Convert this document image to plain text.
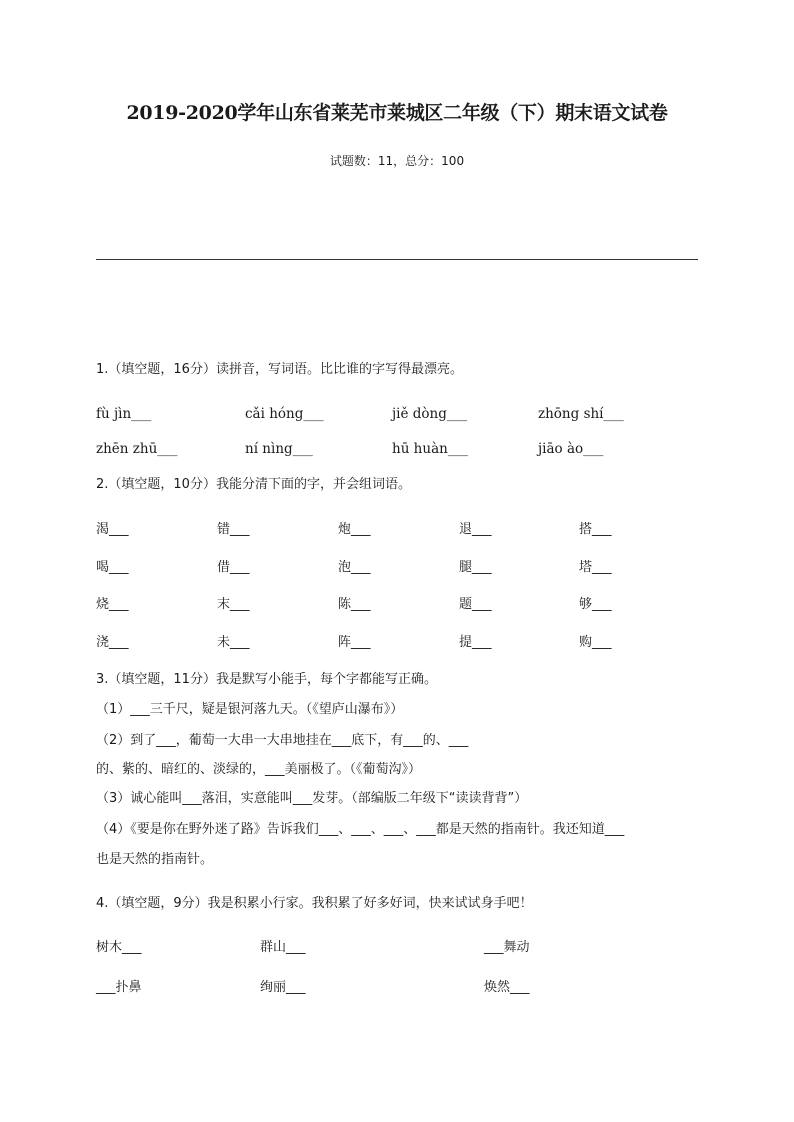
2019-2020学年山东省莱芜市莱城区二年级（下）期末语文试卷
试题数：11，总分：100
1.（填空题，16分）读拼音，写词语。比比谁的字写得最漂亮。
fù jìn___	cǎi hóng___	jiě dòng___	zhōng shí___
zhēn zhū___	ní nìng___	hū huàn___	jiāo ào___
2.（填空题，10分）我能分清下面的字，并会组词语。
渴___	错___	炮___	退___	搭___
喝___	借___	泡___	腿___	塔___
烧___	末___	陈___	题___	够___
浇___	未___	阵___	提___	购___
3.（填空题，11分）我是默写小能手，每个字都能写正确。
（1）___三千尺，疑是银河落九天。（《望庐山瀑布》）
（2）到了___，葡萄一大串一大串地挂在___底下，有___的、___
的、紫的、暗红的、淡绿的，___美丽极了。（《葡萄沟》）
（3）诚心能叫___落泪，实意能叫___发芽。（部编版二年级下“读读背背”）
（4）《要是你在野外迷了路》告诉我们___、___、___、___都是天然的指南针。我还知道___
也是天然的指南针。
4.（填空题，9分）我是积累小行家。我积累了好多好词，快来试试身手吧！
树木___	群山___	___舞动
___扑鼻	绚丽___	焕然___
